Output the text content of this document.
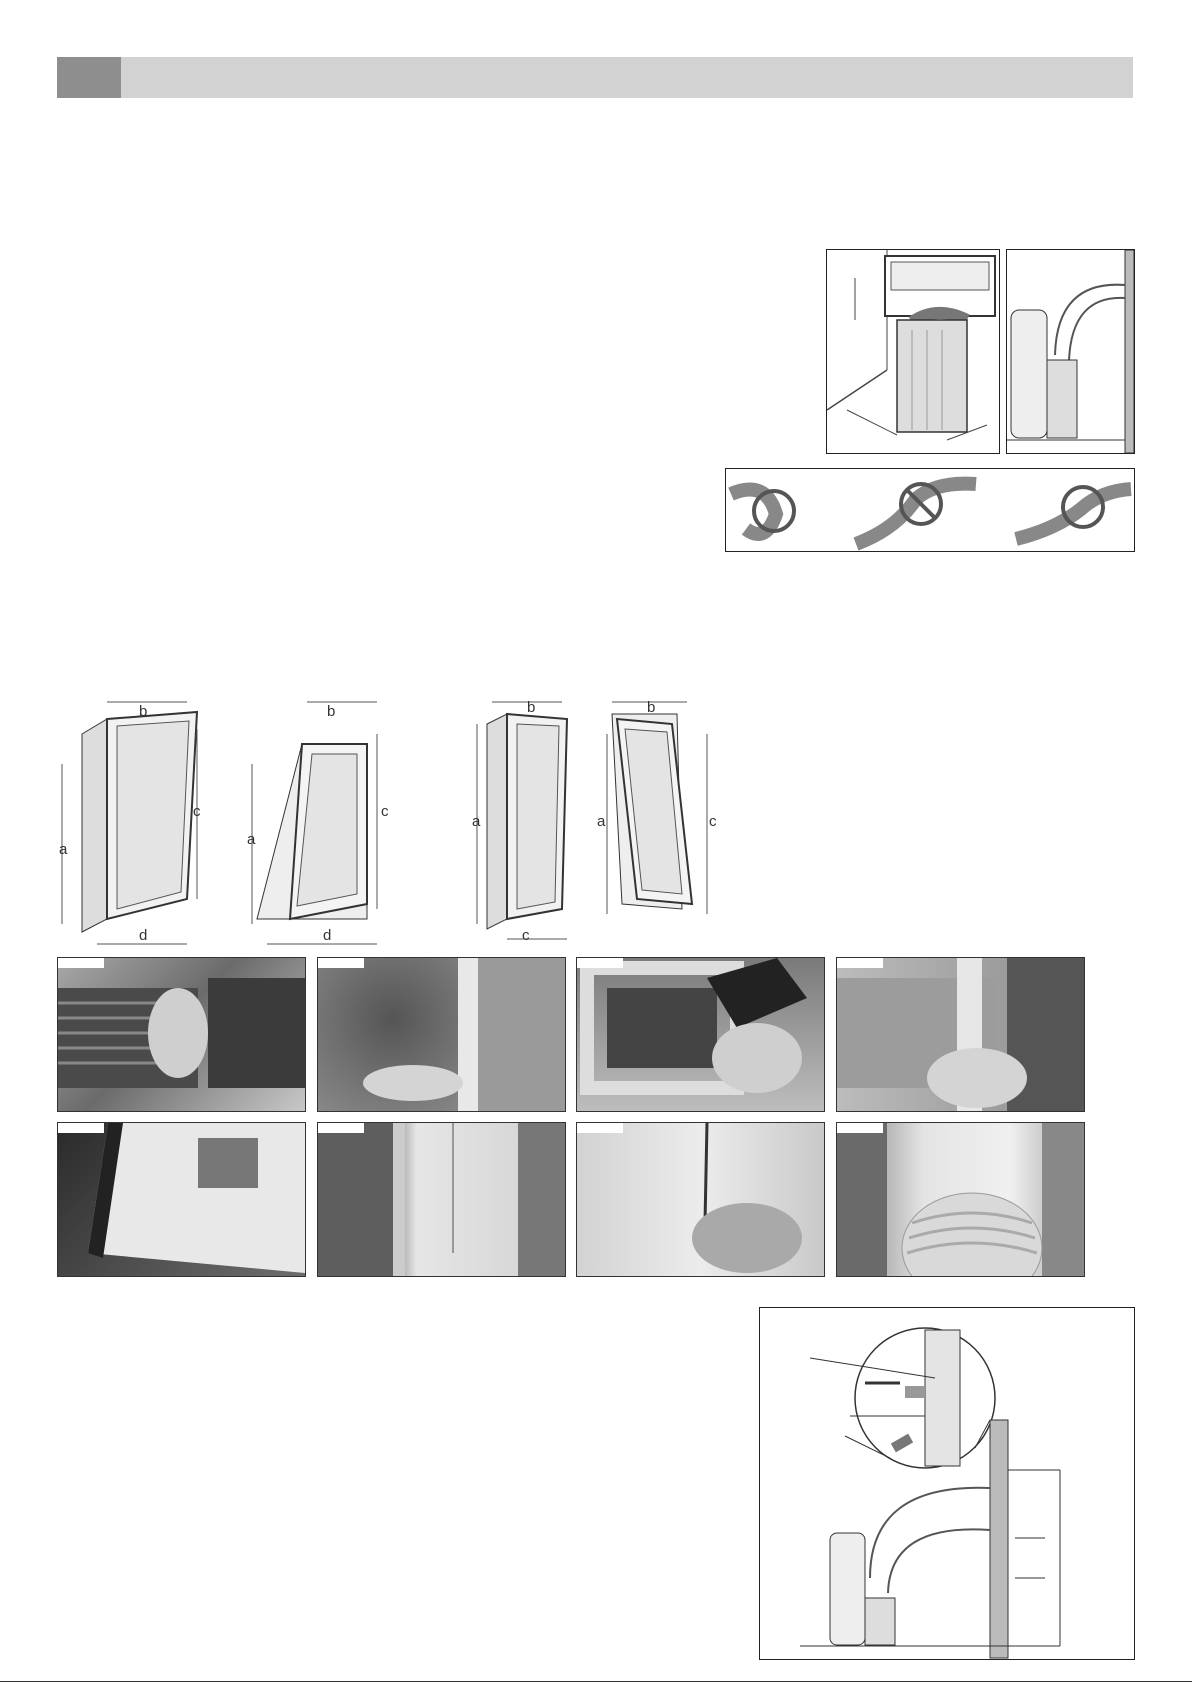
b
a
c
d
b
a
c
d
b
a
c
b
a	c
